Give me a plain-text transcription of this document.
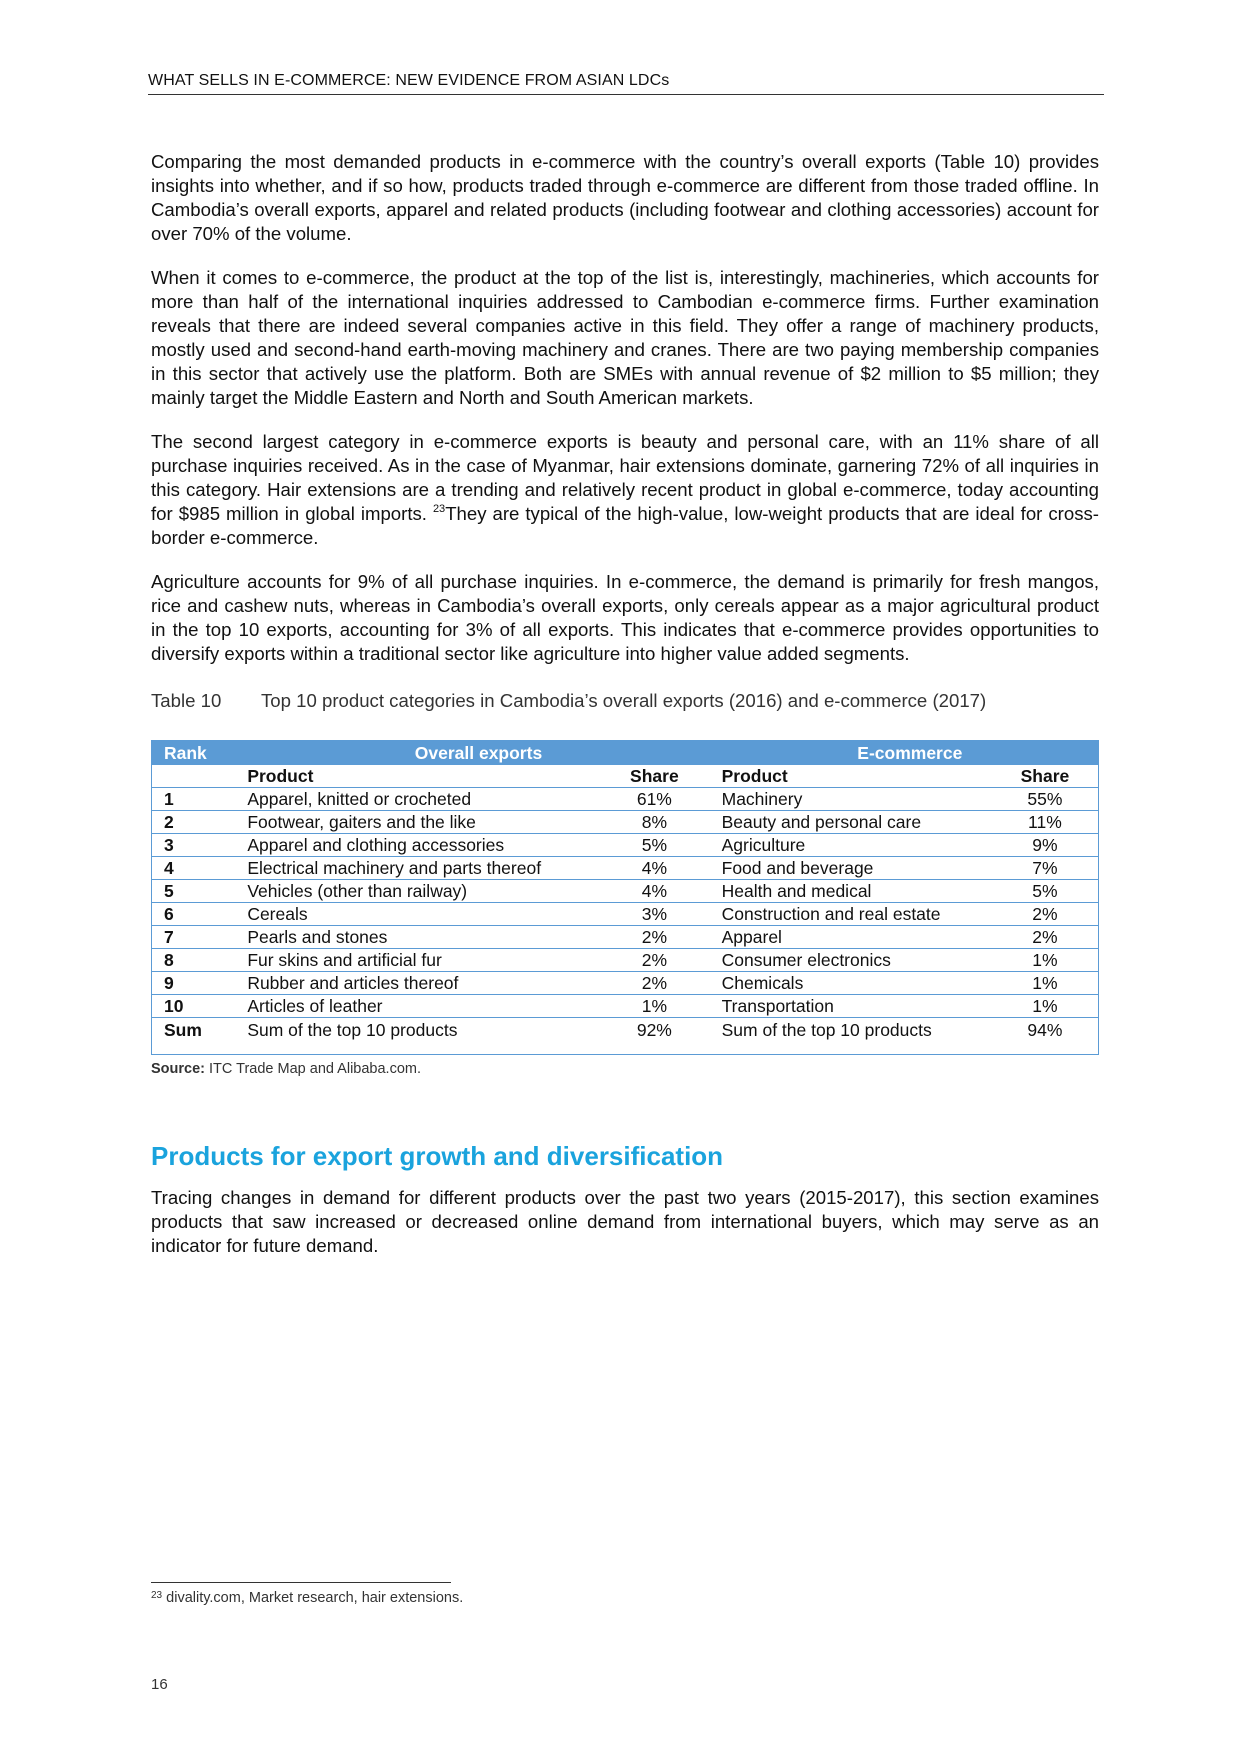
WHAT SELLS IN E-COMMERCE: NEW EVIDENCE FROM ASIAN LDCs

Comparing the most demanded products in e-commerce with the country’s overall exports (Table 10) provides insights into whether, and if so how, products traded through e-commerce are different from those traded offline. In Cambodia’s overall exports, apparel and related products (including footwear and clothing accessories) account for over 70% of the volume.

When it comes to e-commerce, the product at the top of the list is, interestingly, machineries, which accounts for more than half of the international inquiries addressed to Cambodian e-commerce firms. Further examination reveals that there are indeed several companies active in this field. They offer a range of machinery products, mostly used and second-hand earth-moving machinery and cranes. There are two paying membership companies in this sector that actively use the platform. Both are SMEs with annual revenue of $2 million to $5 million; they mainly target the Middle Eastern and North and South American markets.

The second largest category in e-commerce exports is beauty and personal care, with an 11% share of all purchase inquiries received. As in the case of Myanmar, hair extensions dominate, garnering 72% of all inquiries in this category. Hair extensions are a trending and relatively recent product in global e-commerce, today accounting for $985 million in global imports. $^{23}$They are typical of the high-value, low-weight products that are ideal for cross-border e-commerce.

Agriculture accounts for 9% of all purchase inquiries. In e-commerce, the demand is primarily for fresh mangos, rice and cashew nuts, whereas in Cambodia’s overall exports, only cereals appear as a major agricultural product in the top 10 exports, accounting for 3% of all exports. This indicates that e-commerce provides opportunities to diversify exports within a traditional sector like agriculture into higher value added segments.

Table 10 Top 10 product categories in Cambodia’s overall exports (2016) and e-commerce (2017)
Rank	Overall exports		E-commerce	
	Product	Share	Product	Share
1	Apparel, knitted or crocheted	61%	Machinery	55%
2	Footwear, gaiters and the like	8%	Beauty and personal care	11%
3	Apparel and clothing accessories	5%	Agriculture	9%
4	Electrical machinery and parts thereof	4%	Food and beverage	7%
5	Vehicles (other than railway)	4%	Health and medical	5%
6	Cereals	3%	Construction and real estate	2%
7	Pearls and stones	2%	Apparel	2%
8	Fur skins and artificial fur	2%	Consumer electronics	1%
9	Rubber and articles thereof	2%	Chemicals	1%
10	Articles of leather	1%	Transportation	1%
Sum	Sum of the top 10 products	92%	Sum of the top 10 products	94%

Source: ITC Trade Map and Alibaba.com.
Products for export growth and diversification

Tracing changes in demand for different products over the past two years (2015-2017), this section examines products that saw increased or decreased online demand from international buyers, which may serve as an indicator for future demand.

$^{23}$ divality.com, Market research, hair extensions.
16
